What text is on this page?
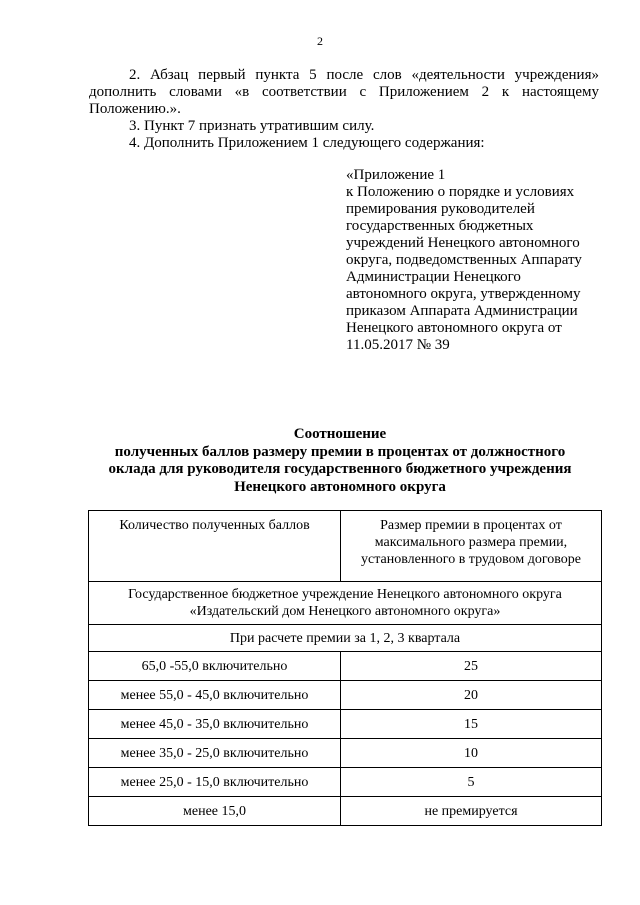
2
2. Абзац первый пункта 5 после слов «деятельности учреждения» дополнить словами «в соответствии с Приложением 2 к настоящему Положению.».
3. Пункт 7 признать утратившим силу.
4. Дополнить Приложением 1 следующего содержания:
«Приложение 1
к Положению о порядке и условиях
премирования руководителей
государственных бюджетных
учреждений Ненецкого автономного
округа, подведомственных Аппарату
Администрации Ненецкого
автономного округа, утвержденному
приказом Аппарата Администрации
Ненецкого автономного округа от
11.05.2017 № 39
Соотношение
полученных баллов размеру премии в процентах от должностного
оклада для руководителя государственного бюджетного учреждения
Ненецкого автономного округа
Количество полученных баллов	Размер премии в процентах от максимального размера премии, установленного в трудовом договоре

Государственное бюджетное учреждение Ненецкого автономного округа
«Издательский дом Ненецкого автономного округа»	

При расчете премии за 1, 2, 3 квартала	
65,0 -55,0 включительно	25
менее 55,0 - 45,0 включительно	20
менее 45,0 - 35,0 включительно	15
менее 35,0 - 25,0 включительно	10
менее 25,0 - 15,0 включительно	5
менее 15,0	не премируется
